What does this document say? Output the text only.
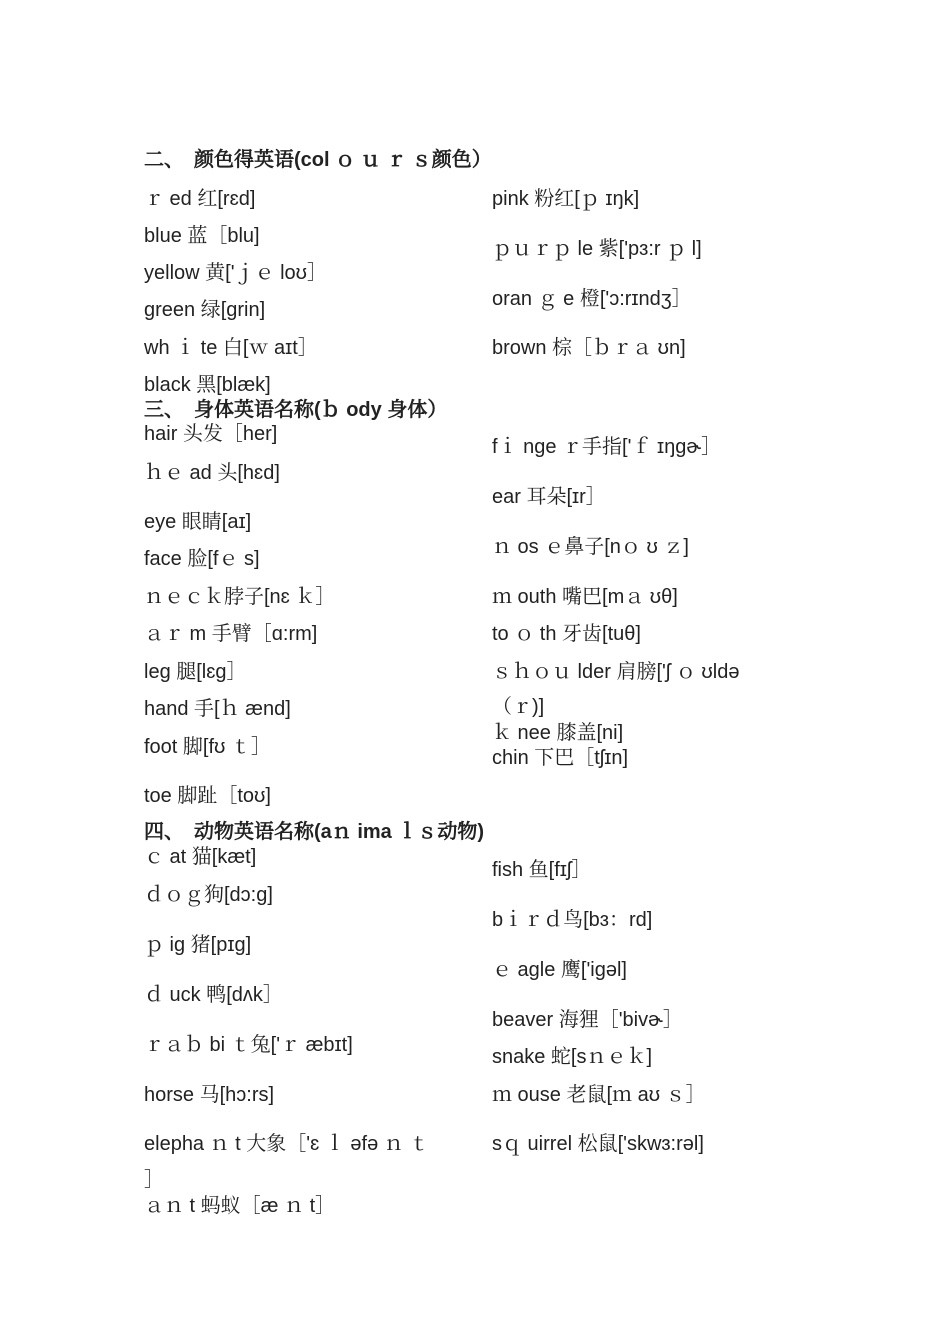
二、　颜色得英语(col ｏ ｕ ｒ ｓ颜色）
ｒ ed 红[rɛd]
blue 蓝［blu]
yellow 黄['ｊｅ loʊ］
green 绿[grin]
wh ｉ te 白[ｗ aɪt］
black 黑[blæk]
pink 粉红[ｐ ɪŋk]
ｐｕｒｐ le 紫['pɜ:r ｐ l]
oran ｇ e 橙['ɔ:rɪndʒ］
brown 棕［ｂｒａ ʊn]
三、　身体英语名称(ｂ ody 身体）
hair 头发［her]
ｈｅ ad 头[hɛd]
eye 眼睛[aɪ]
face 脸[fｅ s]
ｎｅｃｋ脖子[nɛ ｋ］
ａｒ m 手臂［ɑ:rm]
leg 腿[lɛg］
hand 手[ｈ ænd]
foot 脚[fʊ ｔ］
toe 脚趾［toʊ]
fｉ nge ｒ手指['ｆ ɪŋɡɚ］
ear 耳朵[ɪr］
ｎ os ｅ鼻子[nｏ ʊ ｚ]
ｍ outh 嘴巴[mａ ʊθ]
to ｏ th 牙齿[tuθ]
ｓｈｏｕ lder 肩膀['ʃ ｏ ʊldə
（ｒ)]
ｋ nee 膝盖[ni]
chin 下巴［tʃɪn]
四、　动物英语名称(aｎ ima ｌｓ动物)
ｃ at 猫[kæt]
ｄｏｇ狗[dɔ:g]
ｐ ig 猪[pɪg]
ｄ uck 鸭[dʌk］
ｒａｂ bi ｔ兔['ｒ æbɪt]
horse 马[hɔ:rs]
elepha ｎ t 大象［'ɛ ｌ əfə ｎ ｔ
］
ａｎ t 蚂蚁［æ ｎ t］
fish 鱼[fɪʃ］
bｉｒｄ鸟[bɜ：rd]
ｅ agle 鹰['igəl]
beaver 海狸［'bivɚ］
snake 蛇[sｎｅｋ]
ｍ ouse 老鼠[ｍ aʊ ｓ］
sｑ uirrel 松鼠['skwɜ:rəl]
